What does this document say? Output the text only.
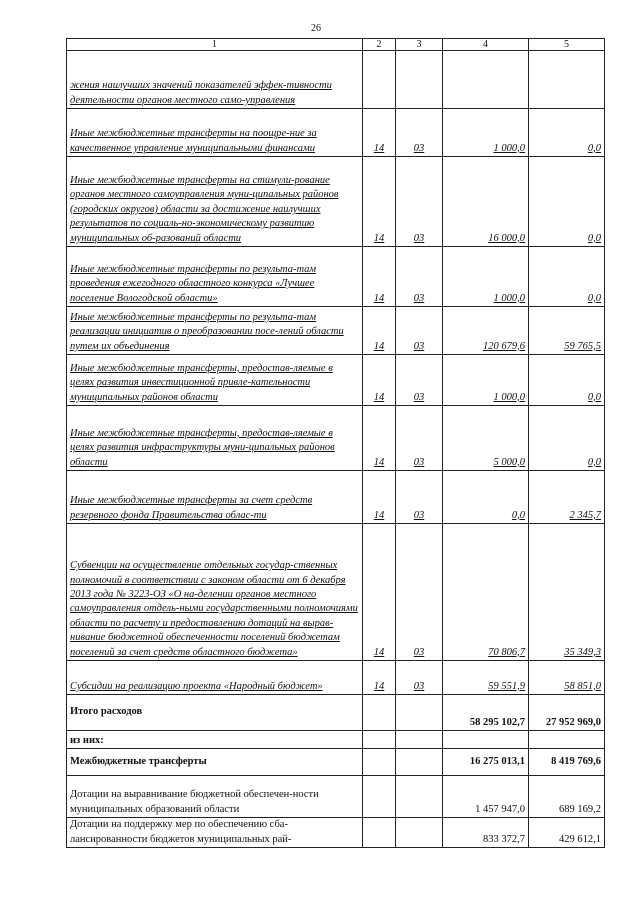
26
1	2	3	4	5
жения наилучших значений показателей эффек-тивности деятельности органов местного само-управления				
Иные межбюджетные трансферты на поощре-ние за качественное управление муниципальными финансами	14	03	1 000,0	0,0
Иные межбюджетные трансферты на стимули-рование органов местного самоуправления муни-ципальных районов (городских округов) области за достижение наилучших результатов по социаль-но-экономическому развитию муниципальных об-разований области	14	03	16 000,0	0,0
Иные межбюджетные трансферты по результа-там проведения ежегодного областного конкурса «Лучшее поселение Вологодской области»	14	03	1 000,0	0,0
Иные межбюджетные трансферты по результа-там реализации инициатив о преобразовании посе-лений области путем их объединения	14	03	120 679,6	59 765,5
Иные межбюджетные трансферты, предостав-ляемые в целях развития инвестиционной привле-кательности муниципальных районов области	14	03	1 000,0	0,0
Иные межбюджетные трансферты, предостав-ляемые в целях развития инфраструктуры муни-ципальных районов области	14	03	5 000,0	0,0
Иные межбюджетные трансферты за счет средств резервного фонда Правительства облас-ти	14	03	0,0	2 345,7
Субвенции на осуществление отдельных государ-ственных полномочий в соответствии с законом области от 6 декабря 2013 года № 3223-ОЗ «О на-делении органов местного самоуправления отдель-ными государственными полномочиями области по расчету и предоставлению дотаций на вырав-нивание бюджетной обеспеченности поселений бюджетам поселений за счет средств областного бюджета»	14	03	70 806,7	35 349,3
Субсидии на реализацию проекта «Народный бюджет»	14	03	59 551,9	58 851,0
Итого расходов			58 295 102,7	27 952 969,0
из них:				
Межбюджетные трансферты			16 275 013,1	8 419 769,6
Дотации на выравнивание бюджетной обеспечен-ности муниципальных образований области			1 457 947,0	689 169,2
Дотации на поддержку мер по обеспечению сба-лансированности бюджетов муниципальных рай-			833 372,7	429 612,1
